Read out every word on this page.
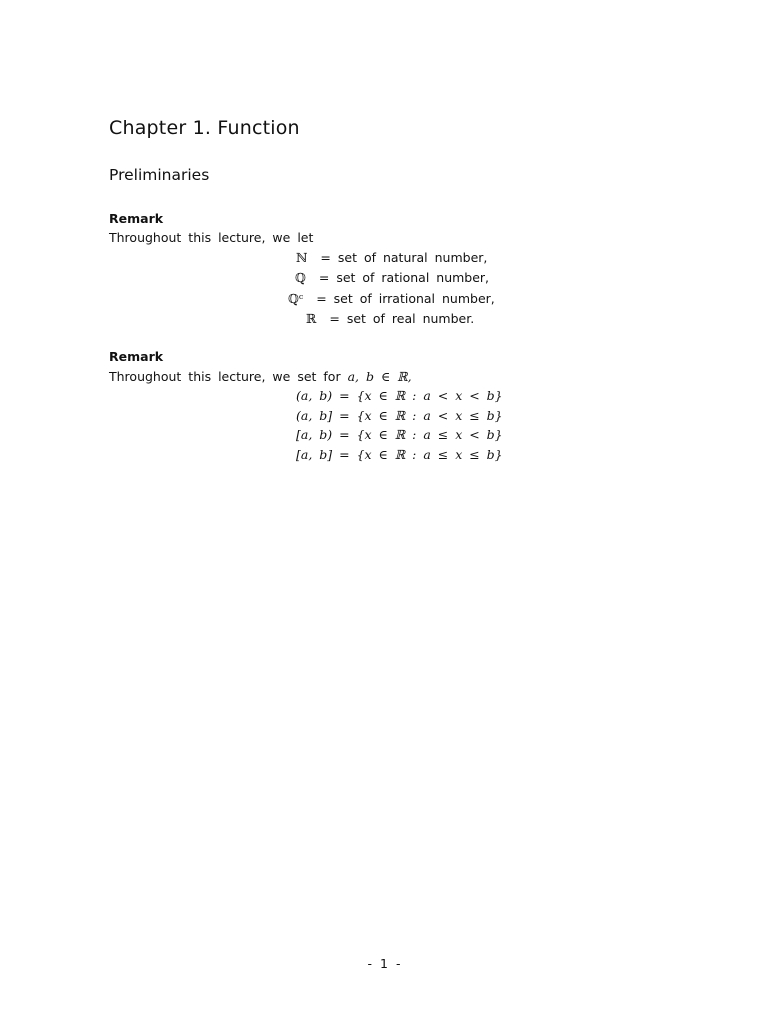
Chapter 1. Function
Preliminaries
Remark
Throughout this lecture, we let
ℕ = set of natural number,
ℚ = set of rational number,
ℚᶜ = set of irrational number,
ℝ = set of real number.
Remark
Throughout this lecture, we set for a, b ∈ ℝ,
(a, b) = {x ∈ ℝ : a < x < b}
(a, b] = {x ∈ ℝ : a < x ≤ b}
[a, b) = {x ∈ ℝ : a ≤ x < b}
[a, b] = {x ∈ ℝ : a ≤ x ≤ b}
- 1 -
